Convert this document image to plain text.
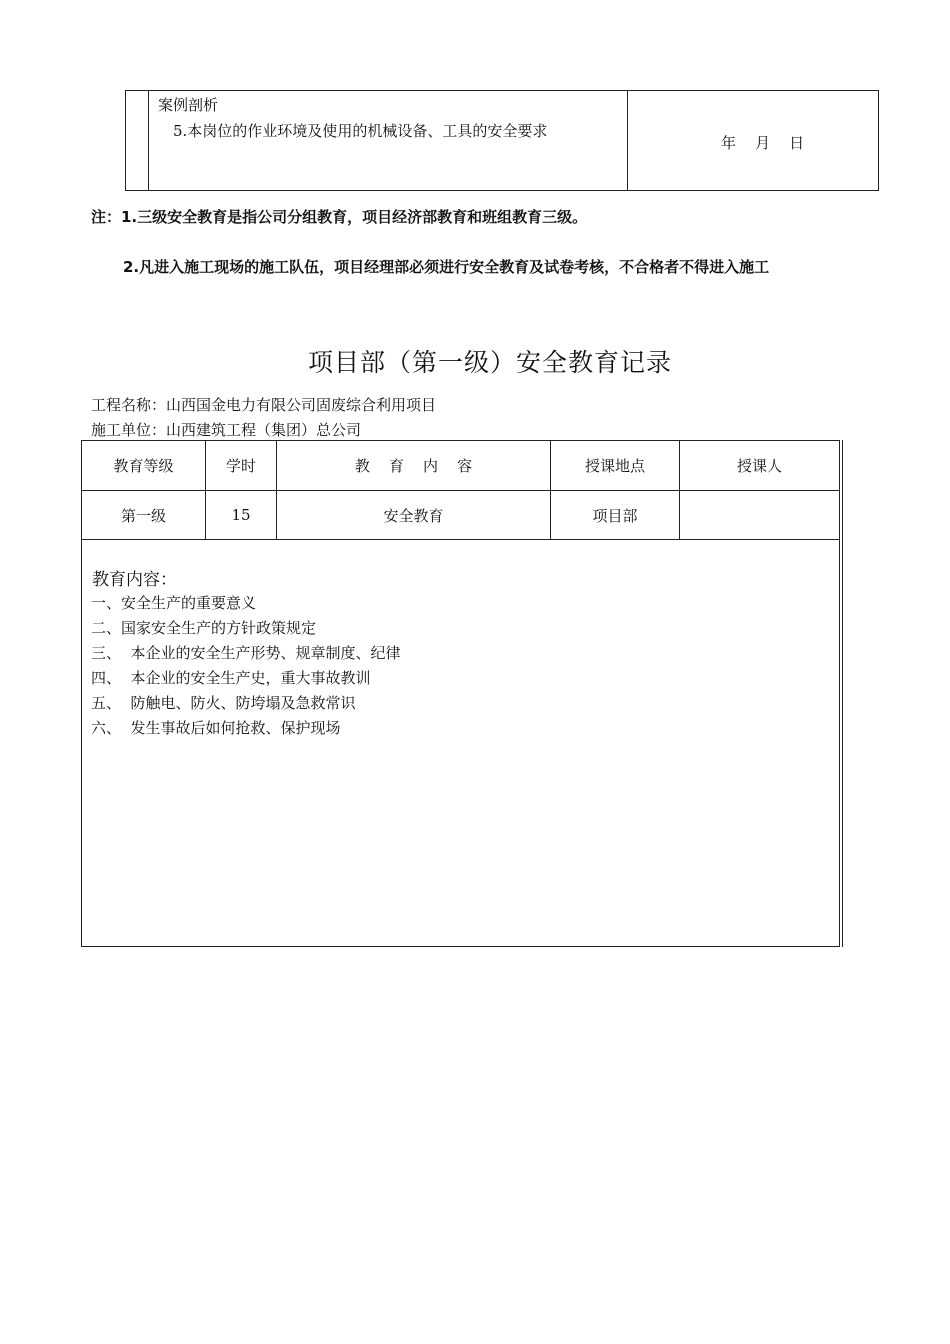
案例剖析
5.本岗位的作业环境及使用的机械设备、工具的安全要求
年    月    日
注：1.三级安全教育是指公司分组教育，项目经济部教育和班组教育三级。
2.凡进入施工现场的施工队伍，项目经理部必须进行安全教育及试卷考核，不合格者不得进入施工
项目部（第一级）安全教育记录
工程名称：山西国金电力有限公司固废综合利用项目
施工单位：山西建筑工程（集团）总公司
教育等级	学时	教    育    内    容	授课地点	授课人
第一级	15	安全教育	项目部
教育内容：
一、安全生产的重要意义
二、国家安全生产的方针政策规定
三、  本企业的安全生产形势、规章制度、纪律
四、  本企业的安全生产史，重大事故教训
五、  防触电、防火、防垮塌及急救常识
六、  发生事故后如何抢救、保护现场
